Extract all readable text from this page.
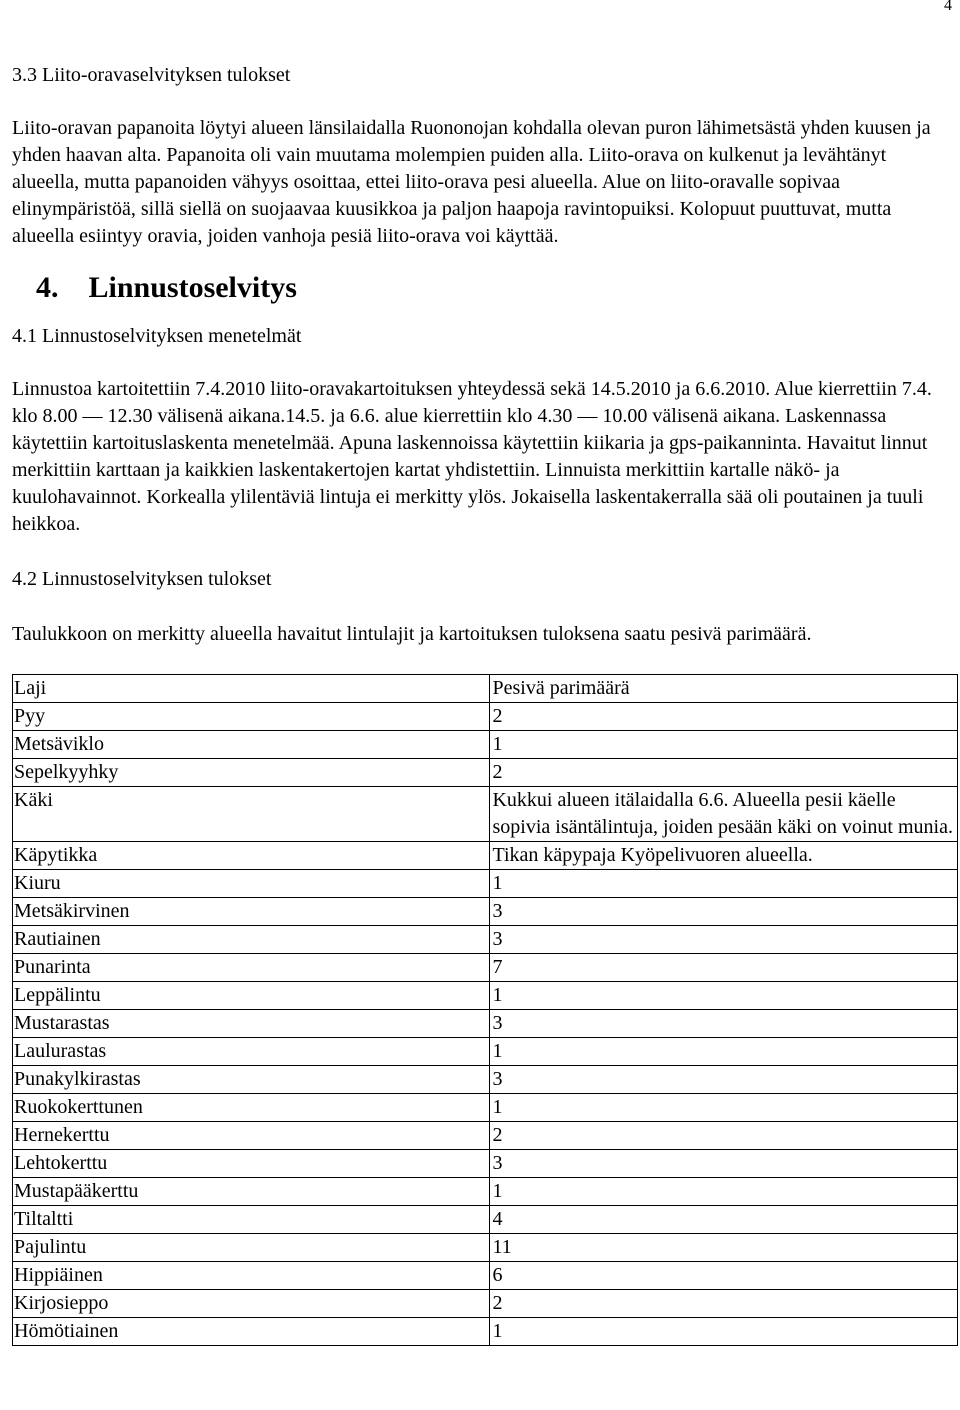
4
3.3 Liito-oravaselvityksen tulokset

Liito-oravan papanoita löytyi alueen länsilaidalla Ruononojan kohdalla olevan puron lähimetsästä yhden kuusen ja yhden haavan alta. Papanoita oli vain muutama molempien puiden alla. Liito-orava on kulkenut ja levähtänyt alueella, mutta papanoiden vähyys osoittaa, ettei liito-orava pesi alueella. Alue on liito-oravalle sopivaa elinympäristöä, sillä siellä on suojaavaa kuusikkoa ja paljon haapoja ravintopuiksi. Kolopuut puuttuvat, mutta alueella esiintyy oravia, joiden vanhoja pesiä liito-orava voi käyttää.

4. Linnustoselvitys
4.1 Linnustoselvityksen menetelmät

Linnustoa kartoitettiin 7.4.2010 liito-oravakartoituksen yhteydessä sekä 14.5.2010 ja 6.6.2010. Alue kierrettiin 7.4. klo 8.00 — 12.30 välisenä aikana.14.5. ja 6.6. alue kierrettiin klo 4.30 — 10.00 välisenä aikana. Laskennassa käytettiin kartoituslaskenta menetelmää. Apuna laskennoissa käytettiin kiikaria ja gps-paikanninta. Havaitut linnut merkittiin karttaan ja kaikkien laskentakertojen kartat yhdistettiin. Linnuista merkittiin kartalle näkö- ja kuulohavainnot. Korkealla ylilentäviä lintuja ei merkitty ylös. Jokaisella laskentakerralla sää oli poutainen ja tuuli heikkoa.

4.2 Linnustoselvityksen tulokset

Taulukkoon on merkitty alueella havaitut lintulajit ja kartoituksen tuloksena saatu pesivä parimäärä.

Laji	Pesivä parimäärä
Pyy	2
Metsäviklo	1
Sepelkyyhky	2
Käki	Kukkui alueen itälaidalla 6.6. Alueella pesii käelle sopivia isäntälintuja, joiden pesään käki on voinut munia.
Käpytikka	Tikan käpypaja Kyöpelivuoren alueella.
Kiuru	1
Metsäkirvinen	3
Rautiainen	3
Punarinta	7
Leppälintu	1
Mustarastas	3
Laulurastas	1
Punakylkirastas	3
Ruokokerttunen	1
Hernekerttu	2
Lehtokerttu	3
Mustapääkerttu	1
Tiltaltti	4
Pajulintu	11
Hippiäinen	6
Kirjosieppo	2
Hömötiainen	1
